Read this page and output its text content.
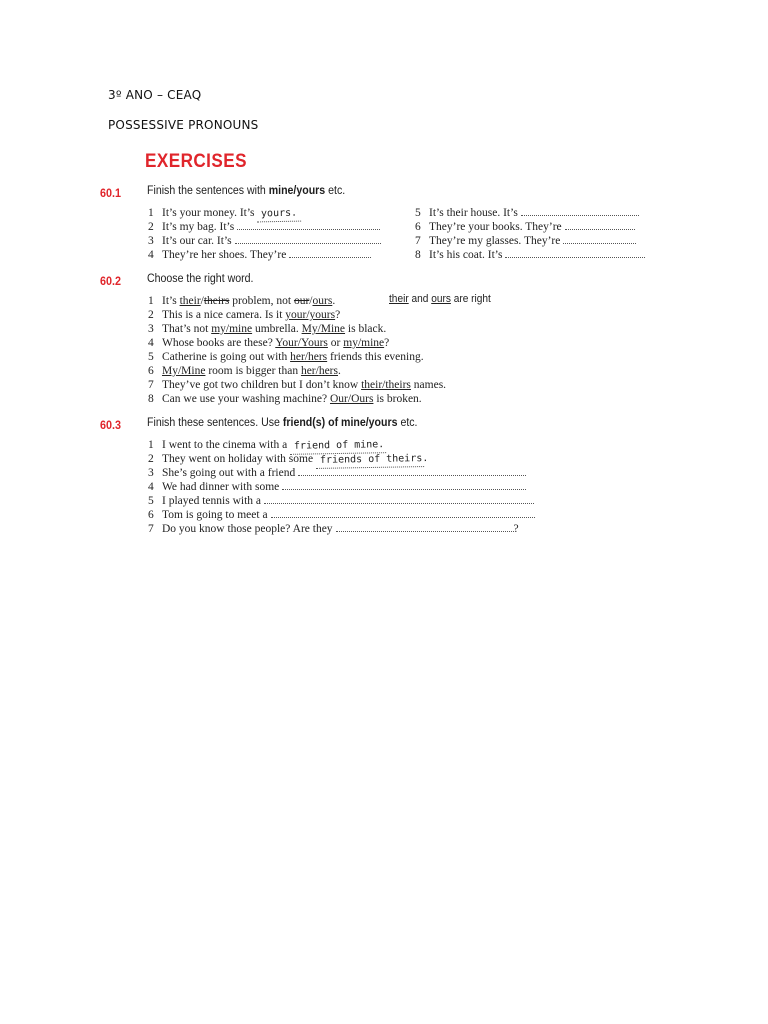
3º ANO – CEAQ
POSSESSIVE PRONOUNS
EXERCISES
60.1	Finish the sentences with mine/yours etc.
1 It’s your money. It’s yours.
2 It’s my bag. It’s
3 It’s our car. It’s
4 They’re her shoes. They’re
5 It’s their house. It’s
6 They’re your books. They’re
7 They’re my glasses. They’re
8 It’s his coat. It’s
60.2	Choose the right word.
1 It’s their/theirs problem, not our/ours.	their and ours are right
2 This is a nice camera. Is it your/yours?
3 That’s not my/mine umbrella. My/Mine is black.
4 Whose books are these? Your/Yours or my/mine?
5 Catherine is going out with her/hers friends this evening.
6 My/Mine room is bigger than her/hers.
7 They’ve got two children but I don’t know their/theirs names.
8 Can we use your washing machine? Our/Ours is broken.
60.3	Finish these sentences. Use friend(s) of mine/yours etc.
1 I went to the cinema with a friend of mine.
2 They went on holiday with some friends of theirs.
3 She’s going out with a friend
4 We had dinner with some
5 I played tennis with a
6 Tom is going to meet a
7 Do you know those people? Are they	?
